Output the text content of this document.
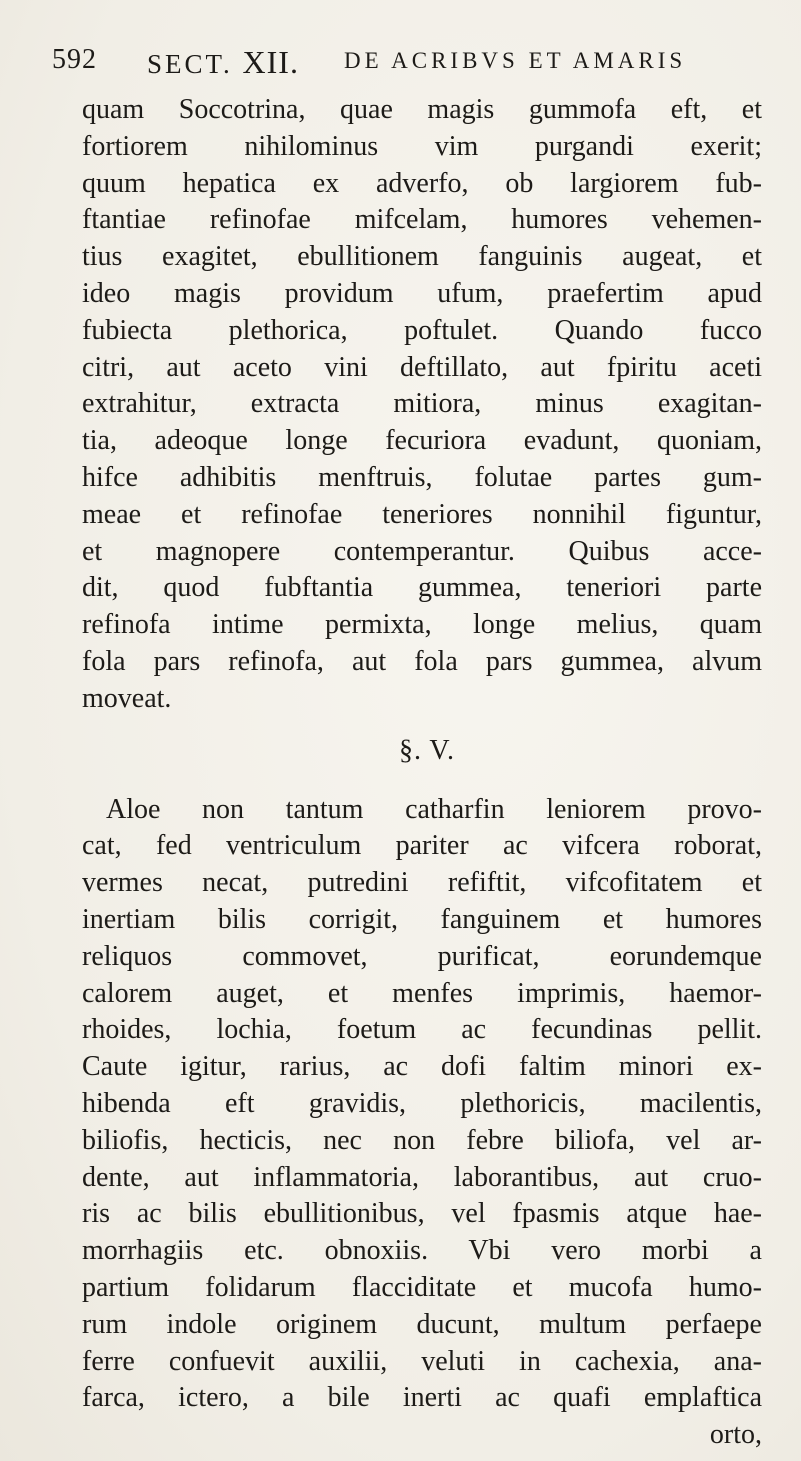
592 SECT. XII. DE ACRIBVS ET AMARIS
quam Soccotrina, quae magis gummofa eft, et
fortiorem nihilominus vim purgandi exerit;
quum hepatica ex adverfo, ob largiorem fub-
ftantiae refinofae mifcelam, humores vehemen-
tius exagitet, ebullitionem fanguinis augeat, et
ideo magis providum ufum, praefertim apud
fubiecta plethorica, poftulet. Quando fucco
citri, aut aceto vini deftillato, aut fpiritu aceti
extrahitur, extracta mitiora, minus exagitan-
tia, adeoque longe fecuriora evadunt, quoniam,
hifce adhibitis menftruis, folutae partes gum-
meae et refinofae teneriores nonnihil figuntur,
et magnopere contemperantur. Quibus acce-
dit, quod fubftantia gummea, teneriori parte
refinofa intime permixta, longe melius, quam
fola pars refinofa, aut fola pars gummea, alvum
moveat.
§. V.
Aloe non tantum catharfin leniorem provo-
cat, fed ventriculum pariter ac vifcera roborat,
vermes necat, putredini refiftit, vifcofitatem et
inertiam bilis corrigit, fanguinem et humores
reliquos commovet, purificat, eorundemque
calorem auget, et menfes imprimis, haemor-
rhoides, lochia, foetum ac fecundinas pellit.
Caute igitur, rarius, ac dofi faltim minori ex-
hibenda eft gravidis, plethoricis, macilentis,
biliofis, hecticis, nec non febre biliofa, vel ar-
dente, aut inflammatoria, laborantibus, aut cruo-
ris ac bilis ebullitionibus, vel fpasmis atque hae-
morrhagiis etc. obnoxiis. Vbi vero morbi a
partium folidarum flacciditate et mucofa humo-
rum indole originem ducunt, multum perfaepe
ferre confuevit auxilii, veluti in cachexia, ana-
farca, ictero, a bile inerti ac quafi emplaftica
orto,
